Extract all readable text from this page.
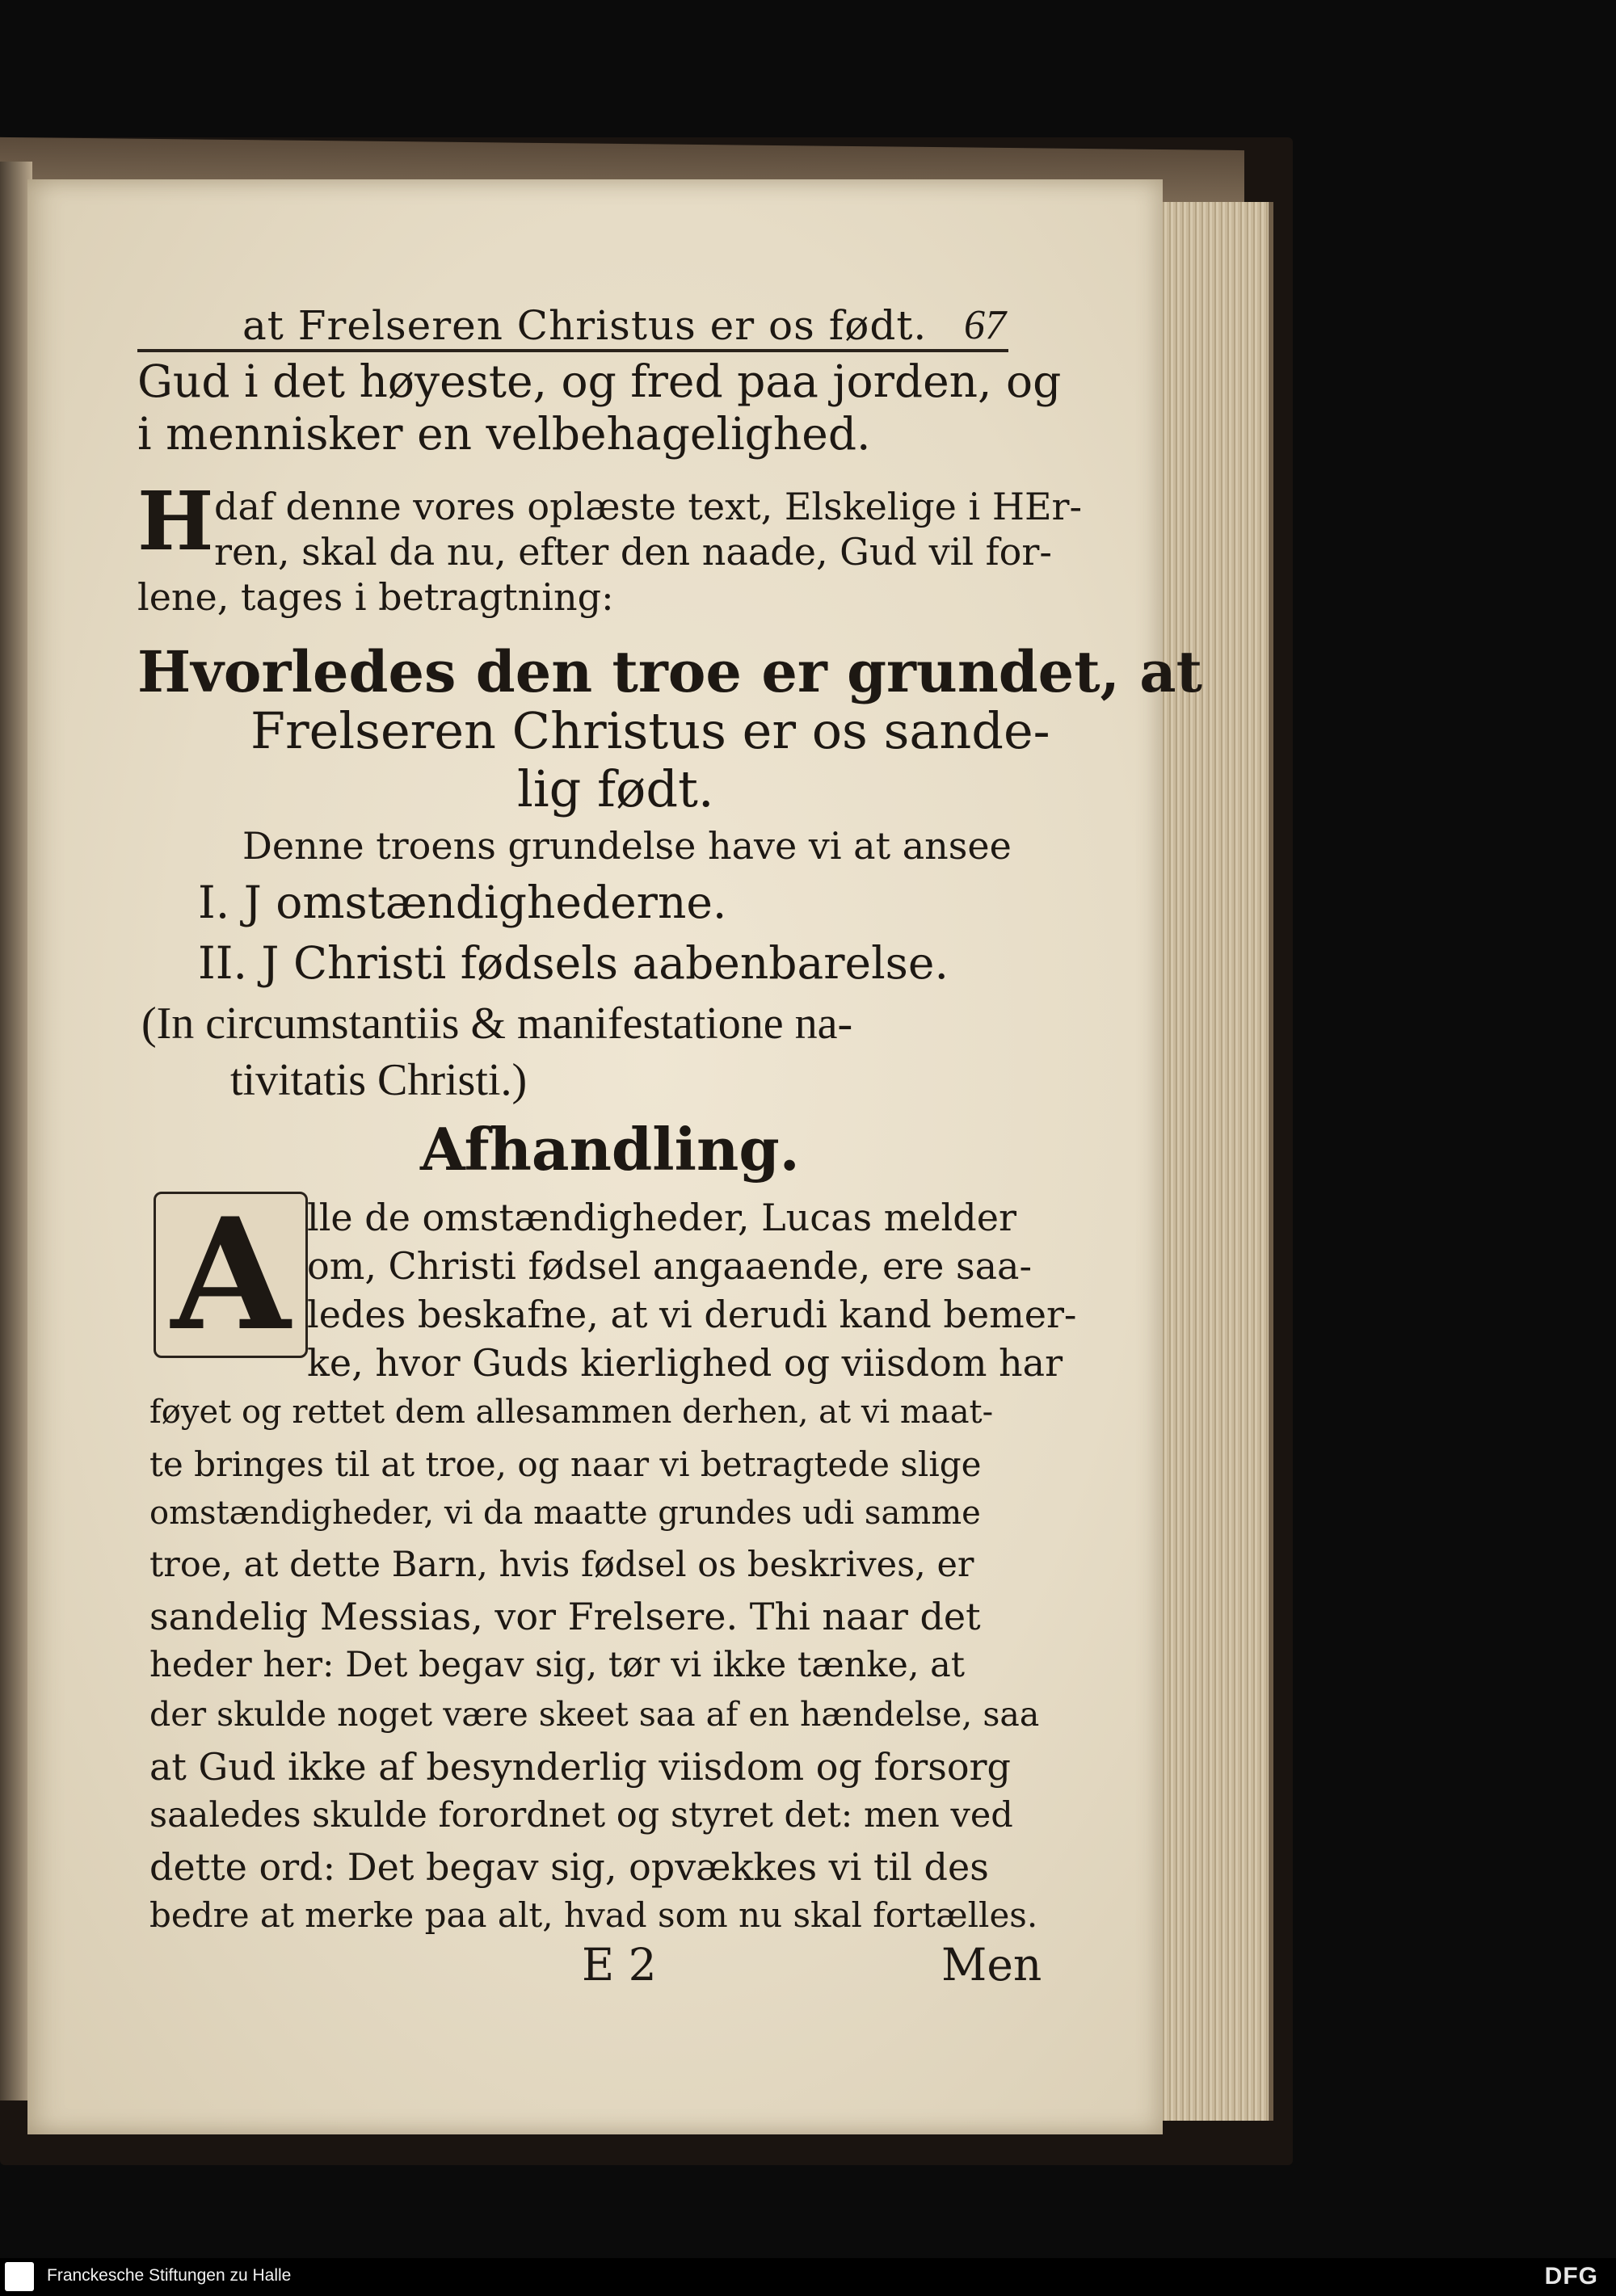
at Frelseren Christus er os født. 67
Gud i det høyeste, og fred paa jorden, og
i mennisker en velbehagelighed.
H daf denne vores oplæste text, Elskelige i HEr-
ren, skal da nu, efter den naade, Gud vil for-
lene, tages i betragtning:
Hvorledes den troe er grundet, at
Frelseren Christus er os sande-
lig født.
Denne troens grundelse have vi at ansee
I. J omstændighederne.
II. J Christi fødsels aabenbarelse.
(In circumstantiis & manifestatione na-
tivitatis Christi.)
Afhandling.
A lle de omstændigheder, Lucas melder
om, Christi fødsel angaaende, ere saa-
ledes beskafne, at vi derudi kand bemer-
ke, hvor Guds kierlighed og viisdom har
føyet og rettet dem allesammen derhen, at vi maat-
te bringes til at troe, og naar vi betragtede slige
omstændigheder, vi da maatte grundes udi samme
troe, at dette Barn, hvis fødsel os beskrives, er
sandelig Messias, vor Frelsere. Thi naar det
heder her: Det begav sig, tør vi ikke tænke, at
der skulde noget være skeet saa af en hændelse, saa
at Gud ikke af besynderlig viisdom og forsorg
saaledes skulde forordnet og styret det: men ved
dette ord: Det begav sig, opvækkes vi til des
bedre at merke paa alt, hvad som nu skal fortælles.
E 2	Men
Franckesche Stiftungen zu Halle	DFG
